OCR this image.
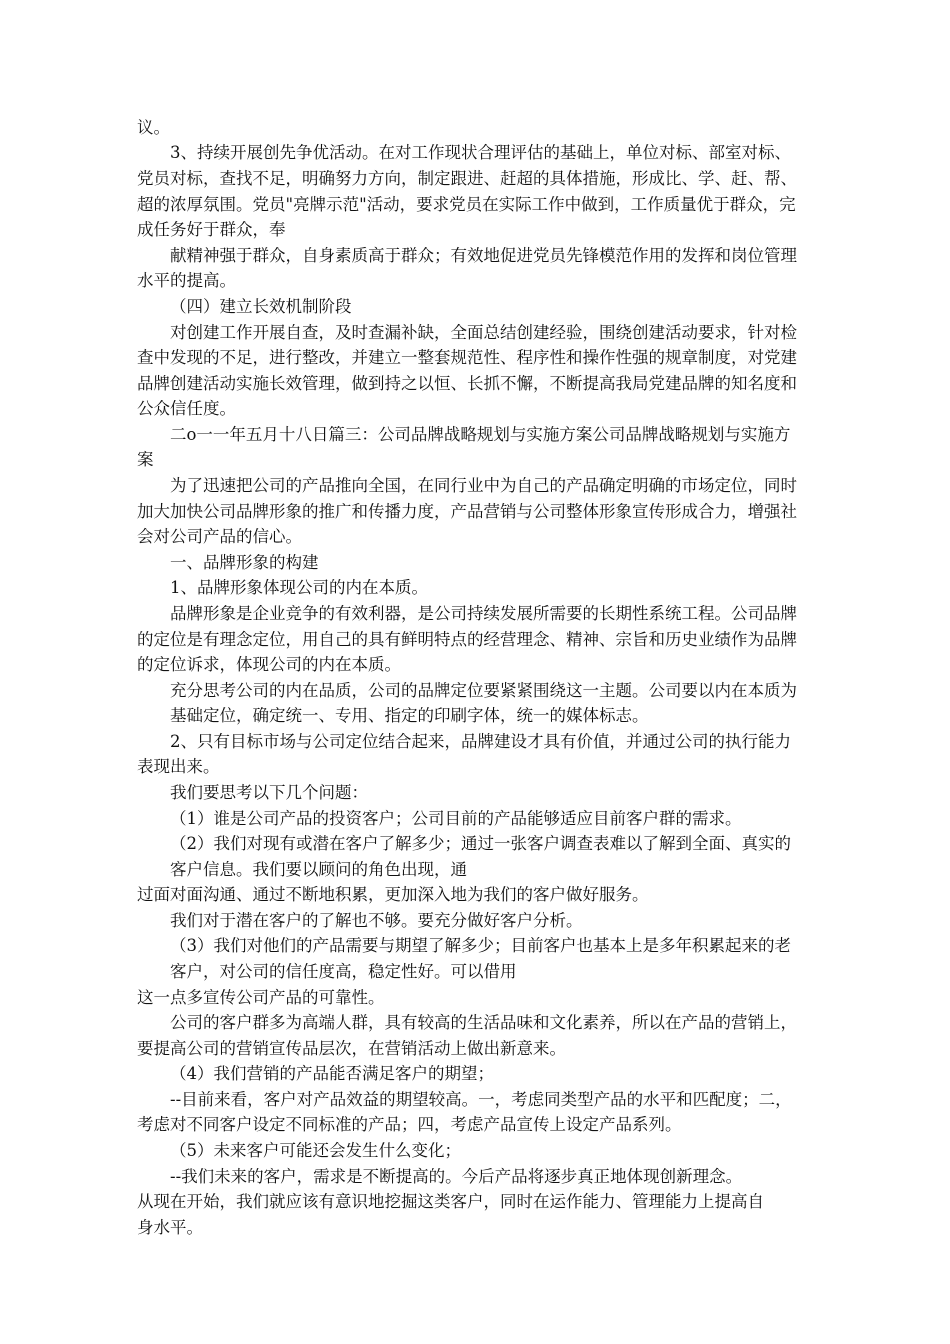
议。
3、持续开展创先争优活动。在对工作现状合理评估的基础上，单位对标、部室对标、
党员对标，查找不足，明确努力方向，制定跟进、赶超的具体措施，形成比、学、赶、帮、
超的浓厚氛围。党员"亮牌示范"活动，要求党员在实际工作中做到，工作质量优于群众，完
成任务好于群众，奉
献精神强于群众，自身素质高于群众；有效地促进党员先锋模范作用的发挥和岗位管理
水平的提高。
（四）建立长效机制阶段
对创建工作开展自查，及时查漏补缺，全面总结创建经验，围绕创建活动要求，针对检
查中发现的不足，进行整改，并建立一整套规范性、程序性和操作性强的规章制度，对党建
品牌创建活动实施长效管理，做到持之以恒、长抓不懈，不断提高我局党建品牌的知名度和
公众信任度。
二o一一年五月十八日篇三：公司品牌战略规划与实施方案公司品牌战略规划与实施方
案
为了迅速把公司的产品推向全国，在同行业中为自己的产品确定明确的市场定位，同时
加大加快公司品牌形象的推广和传播力度，产品营销与公司整体形象宣传形成合力，增强社
会对公司产品的信心。
一、品牌形象的构建
1、品牌形象体现公司的内在本质。
品牌形象是企业竞争的有效利器，是公司持续发展所需要的长期性系统工程。公司品牌
的定位是有理念定位，用自己的具有鲜明特点的经营理念、精神、宗旨和历史业绩作为品牌
的定位诉求，体现公司的内在本质。
充分思考公司的内在品质，公司的品牌定位要紧紧围绕这一主题。公司要以内在本质为
基础定位，确定统一、专用、指定的印刷字体，统一的媒体标志。
2、只有目标市场与公司定位结合起来，品牌建设才具有价值，并通过公司的执行能力
表现出来。
我们要思考以下几个问题：
（1）谁是公司产品的投资客户；公司目前的产品能够适应目前客户群的需求。
（2）我们对现有或潜在客户了解多少；通过一张客户调查表难以了解到全面、真实的
客户信息。我们要以顾问的角色出现，通
过面对面沟通、通过不断地积累，更加深入地为我们的客户做好服务。
我们对于潜在客户的了解也不够。要充分做好客户分析。
（3）我们对他们的产品需要与期望了解多少；目前客户也基本上是多年积累起来的老
客户，对公司的信任度高，稳定性好。可以借用
这一点多宣传公司产品的可靠性。
公司的客户群多为高端人群，具有较高的生活品味和文化素养，所以在产品的营销上，
要提高公司的营销宣传品层次，在营销活动上做出新意来。
（4）我们营销的产品能否满足客户的期望；
--目前来看，客户对产品效益的期望较高。一，考虑同类型产品的水平和匹配度；二，
考虑对不同客户设定不同标准的产品；四，考虑产品宣传上设定产品系列。
（5）未来客户可能还会发生什么变化；
--我们未来的客户，需求是不断提高的。今后产品将逐步真正地体现创新理念。
从现在开始，我们就应该有意识地挖掘这类客户，同时在运作能力、管理能力上提高自
身水平。
